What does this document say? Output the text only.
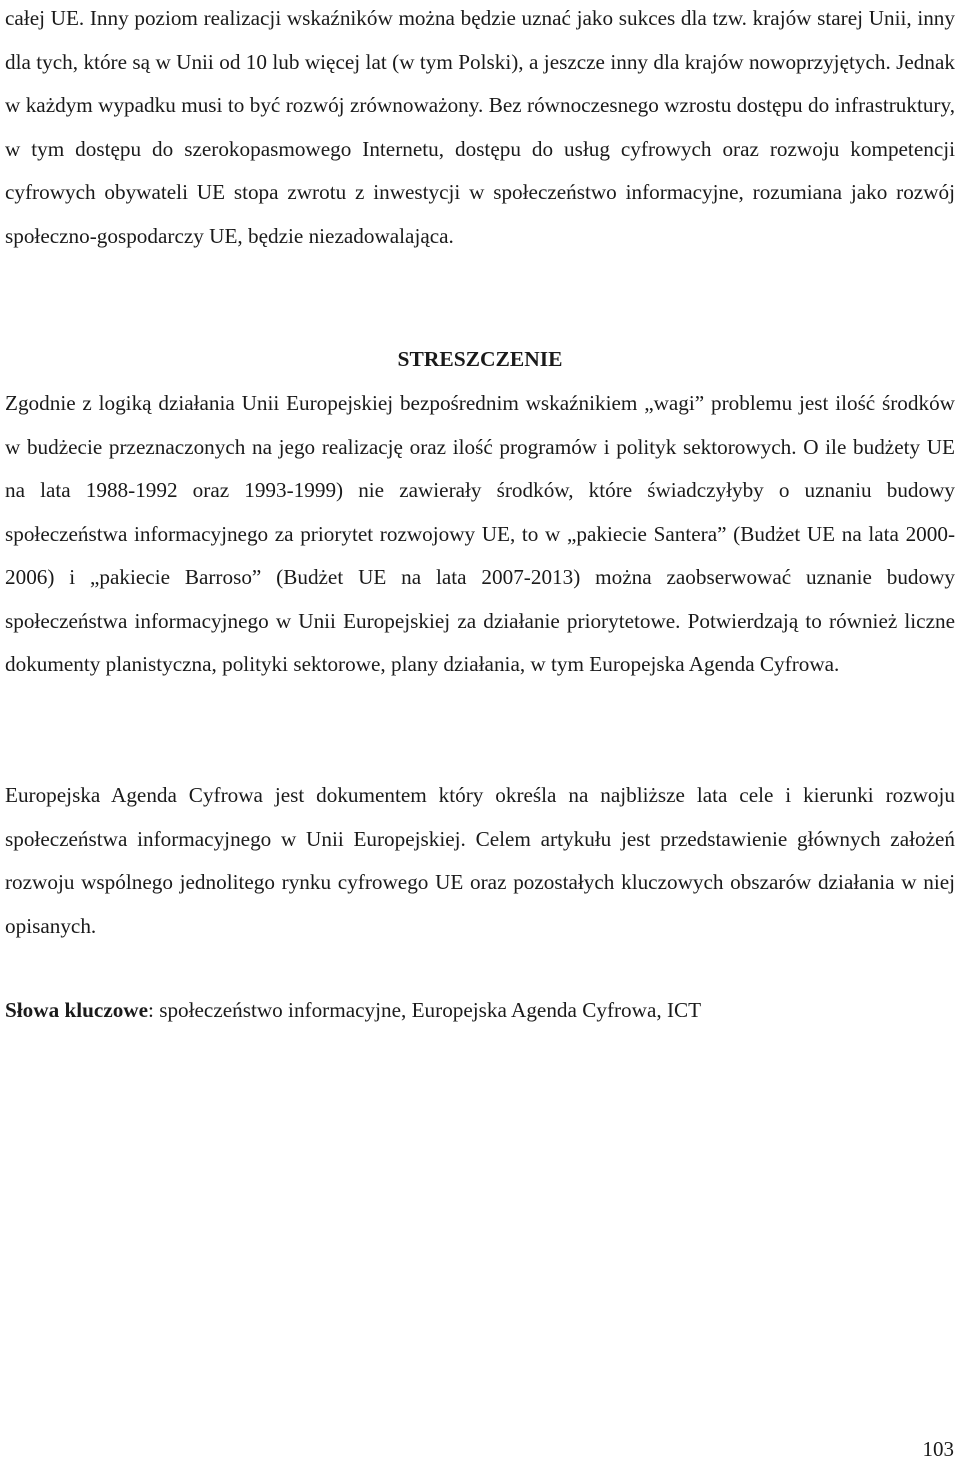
całej UE. Inny poziom realizacji wskaźników można będzie uznać jako sukces dla tzw. krajów starej Unii, inny dla tych, które są w Unii od 10 lub więcej lat (w tym Polski), a jeszcze inny dla krajów nowoprzyjętych. Jednak w każdym wypadku musi to być rozwój zrównoważony. Bez równoczesnego wzrostu dostępu do infrastruktury, w tym dostępu do szerokopasmowego Internetu, dostępu do usług cyfrowych oraz rozwoju kompetencji cyfrowych obywateli UE stopa zwrotu z inwestycji w społeczeństwo informacyjne, rozumiana jako rozwój społeczno-gospodarczy UE, będzie niezadowalająca.

STRESZCZENIE

Zgodnie z logiką działania Unii Europejskiej bezpośrednim wskaźnikiem „wagi” problemu jest ilość środków w budżecie przeznaczonych na jego realizację oraz ilość programów i polityk sektorowych. O ile budżety UE na lata 1988-1992 oraz 1993-1999) nie zawierały środków, które świadczyłyby o uznaniu budowy społeczeństwa informacyjnego za priorytet rozwojowy UE, to w „pakiecie Santera” (Budżet UE na lata 2000-2006) i „pakiecie Barroso” (Budżet UE na lata 2007-2013) można zaobserwować uznanie budowy społeczeństwa informacyjnego w Unii Europejskiej za działanie priorytetowe. Potwierdzają to również liczne dokumenty planistyczna, polityki sektorowe, plany działania, w tym Europejska Agenda Cyfrowa.

Europejska Agenda Cyfrowa jest dokumentem który określa na najbliższe lata cele i kierunki rozwoju społeczeństwa informacyjnego w Unii Europejskiej. Celem artykułu jest przedstawienie głównych założeń rozwoju wspólnego jednolitego rynku cyfrowego UE oraz pozostałych kluczowych obszarów działania w niej opisanych.

Słowa kluczowe: społeczeństwo informacyjne, Europejska Agenda Cyfrowa, ICT

103
